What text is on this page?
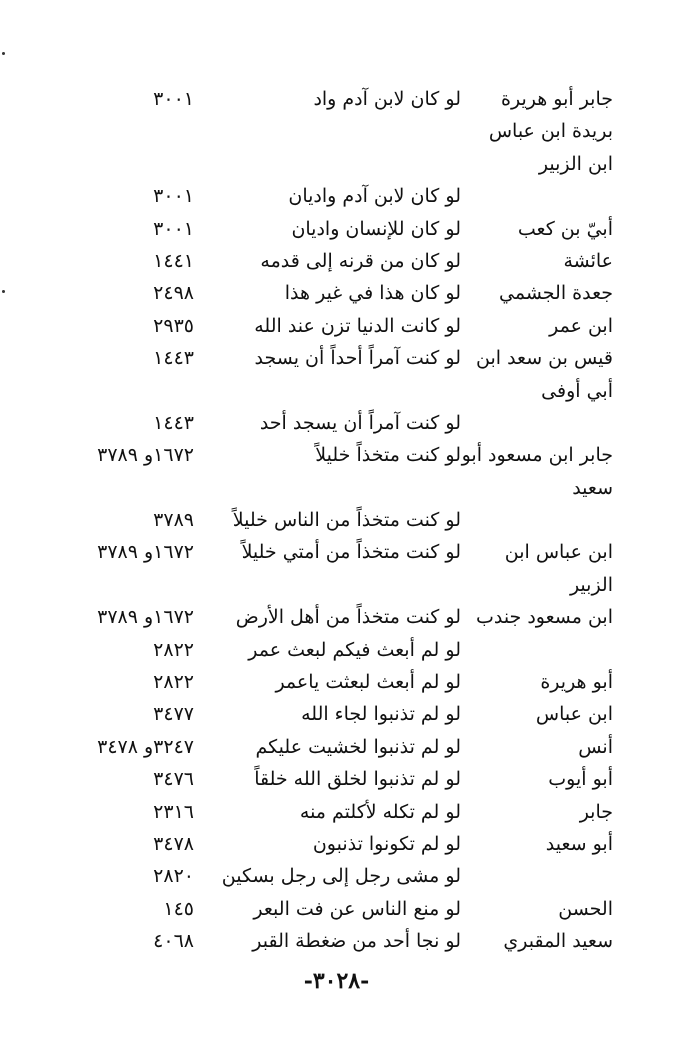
جابر أبو هريرة
لو كان لابن آدم واد
٣٠٠١
بريدة ابن عباس
ابن الزبير
لو كان لابن آدم واديان
٣٠٠١
أبيّ بن كعب
لو كان للإنسان واديان
٣٠٠١
عائشة
لو كان من قرنه إلى قدمه
١٤٤١
جعدة الجشمي
لو كان هذا في غير هذا
٢٤٩٨
ابن عمر
لو كانت الدنيا تزن عند الله
٢٩٣٥
قيس بن سعد ابن
لو كنت آمراً أحداً أن يسجد
١٤٤٣
أبي أوفى
لو كنت آمراً أن يسجد أحد
١٤٤٣
جابر ابن مسعود أبو
لو كنت متخذاً خليلاً
١٦٧٢و ٣٧٨٩
سعيد
لو كنت متخذاً من الناس خليلاً
٣٧٨٩
ابن عباس ابن
لو كنت متخذاً من أمتي خليلاً
١٦٧٢و ٣٧٨٩
الزبير
ابن مسعود جندب
لو كنت متخذاً من أهل الأرض
١٦٧٢و ٣٧٨٩
لو لم أبعث فيكم لبعث عمر
٢٨٢٢
أبو هريرة
لو لم أبعث لبعثت ياعمر
٢٨٢٢
ابن عباس
لو لم تذنبوا لجاء الله
٣٤٧٧
أنس
لو لم تذنبوا لخشيت عليكم
٣٢٤٧و ٣٤٧٨
أبو أيوب
لو لم تذنبوا لخلق الله خلقاً
٣٤٧٦
جابر
لو لم تكله لأكلتم منه
٢٣١٦
أبو سعيد
لو لم تكونوا تذنبون
٣٤٧٨
لو مشى رجل إلى رجل بسكين
٢٨٢٠
الحسن
لو منع الناس عن فت البعر
١٤٥
سعيد المقبري
لو نجا أحد من ضغطة القبر
٤٠٦٨
-٣٠٢٨-
